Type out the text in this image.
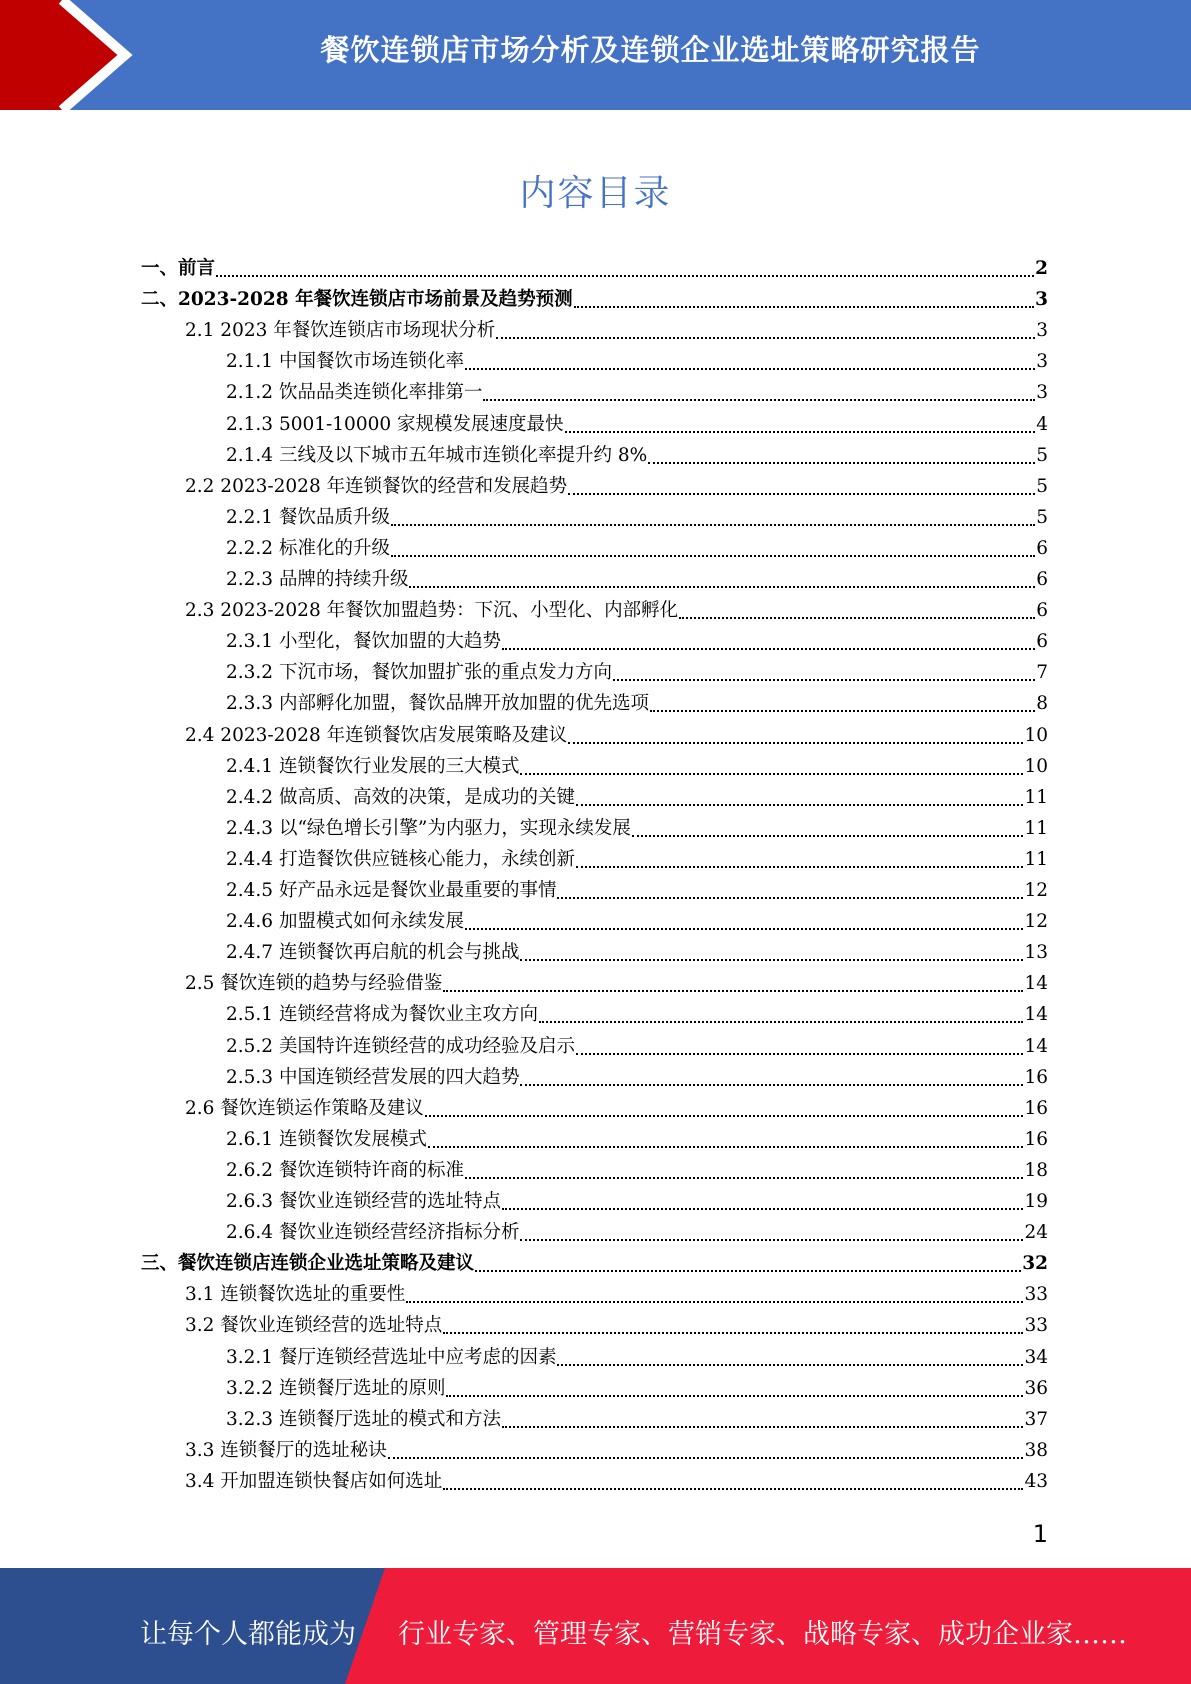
餐饮连锁店市场分析及连锁企业选址策略研究报告
内容目录
一、前言	2
二、2023-2028 年餐饮连锁店市场前景及趋势预测	3
2.1 2023 年餐饮连锁店市场现状分析	3
2.1.1 中国餐饮市场连锁化率	3
2.1.2 饮品品类连锁化率排第一	3
2.1.3 5001-10000 家规模发展速度最快	4
2.1.4 三线及以下城市五年城市连锁化率提升约 8%	5
2.2 2023-2028 年连锁餐饮的经营和发展趋势	5
2.2.1 餐饮品质升级	5
2.2.2 标准化的升级	6
2.2.3 品牌的持续升级	6
2.3 2023-2028 年餐饮加盟趋势：下沉、小型化、内部孵化	6
2.3.1 小型化，餐饮加盟的大趋势	6
2.3.2 下沉市场，餐饮加盟扩张的重点发力方向	7
2.3.3 内部孵化加盟，餐饮品牌开放加盟的优先选项	8
2.4 2023-2028 年连锁餐饮店发展策略及建议	10
2.4.1 连锁餐饮行业发展的三大模式	10
2.4.2 做高质、高效的决策，是成功的关键	11
2.4.3 以“绿色增长引擎”为内驱力，实现永续发展	11
2.4.4 打造餐饮供应链核心能力，永续创新	11
2.4.5 好产品永远是餐饮业最重要的事情	12
2.4.6 加盟模式如何永续发展	12
2.4.7 连锁餐饮再启航的机会与挑战	13
2.5 餐饮连锁的趋势与经验借鉴	14
2.5.1 连锁经营将成为餐饮业主攻方向	14
2.5.2 美国特许连锁经营的成功经验及启示	14
2.5.3 中国连锁经营发展的四大趋势	16
2.6 餐饮连锁运作策略及建议	16
2.6.1 连锁餐饮发展模式	16
2.6.2 餐饮连锁特许商的标准	18
2.6.3 餐饮业连锁经营的选址特点	19
2.6.4 餐饮业连锁经营经济指标分析	24
三、餐饮连锁店连锁企业选址策略及建议	32
3.1 连锁餐饮选址的重要性	33
3.2 餐饮业连锁经营的选址特点	33
3.2.1 餐厅连锁经营选址中应考虑的因素	34
3.2.2 连锁餐厅选址的原则	36
3.2.3 连锁餐厅选址的模式和方法	37
3.3 连锁餐厅的选址秘诀	38
3.4 开加盟连锁快餐店如何选址	43
1
让每个人都能成为 行业专家、管理专家、营销专家、战略专家、成功企业家……
